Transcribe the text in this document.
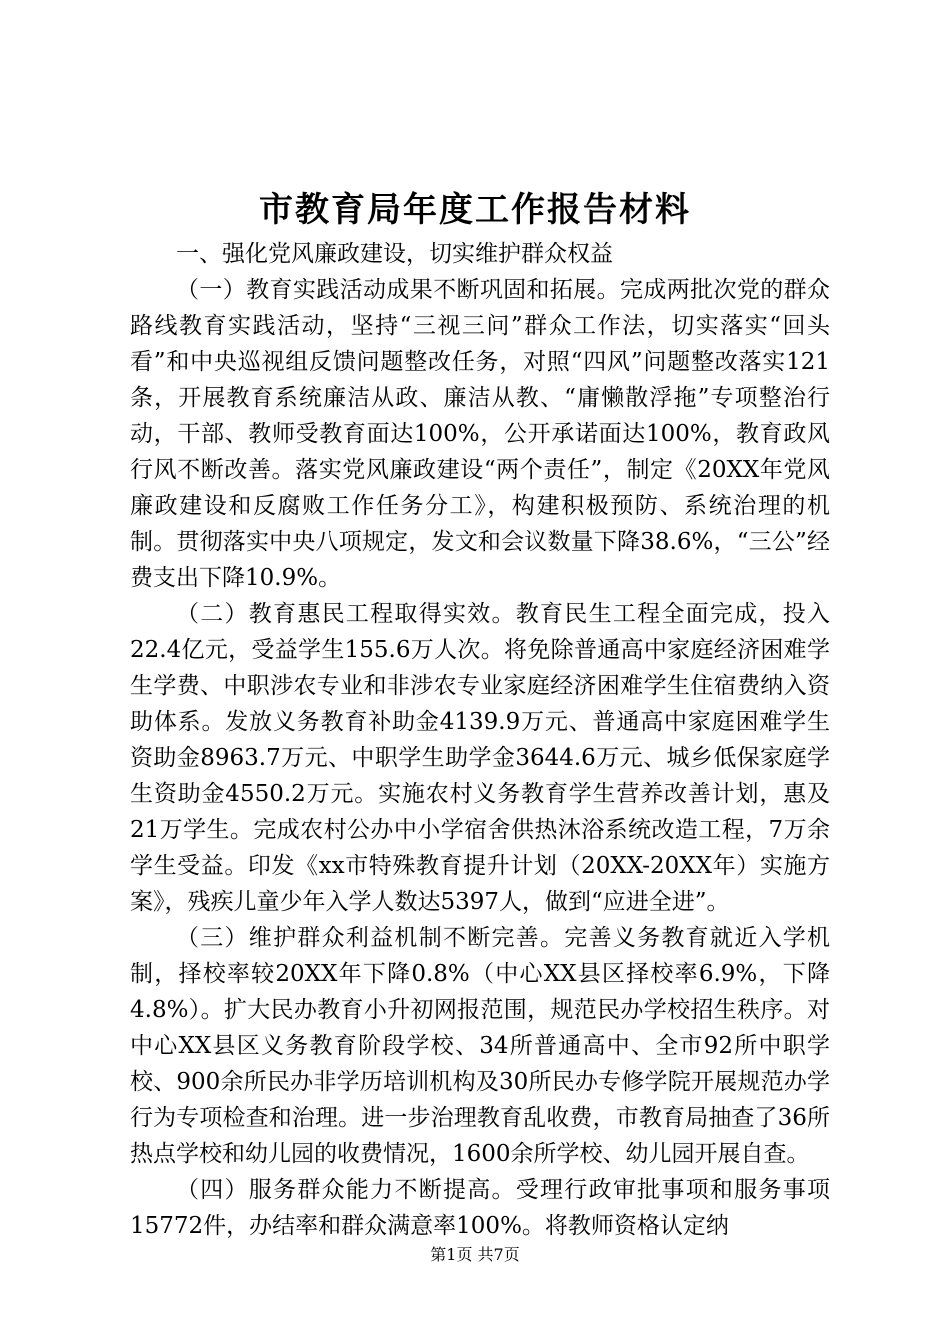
市教育局年度工作报告材料

一、强化党风廉政建设，切实维护群众权益

（一）教育实践活动成果不断巩固和拓展。完成两批次党的群众路线教育实践活动，坚持“三视三问”群众工作法，切实落实“回头看”和中央巡视组反馈问题整改任务，对照“四风”问题整改落实121条，开展教育系统廉洁从政、廉洁从教、“庸懒散浮拖”专项整治行动，干部、教师受教育面达100%，公开承诺面达100%，教育政风行风不断改善。落实党风廉政建设“两个责任”，制定《20XX年党风廉政建设和反腐败工作任务分工》，构建积极预防、系统治理的机制。贯彻落实中央八项规定，发文和会议数量下降38.6%，“三公”经费支出下降10.9%。

（二）教育惠民工程取得实效。教育民生工程全面完成，投入22.4亿元，受益学生155.6万人次。将免除普通高中家庭经济困难学生学费、中职涉农专业和非涉农专业家庭经济困难学生住宿费纳入资助体系。发放义务教育补助金4139.9万元、普通高中家庭困难学生资助金8963.7万元、中职学生助学金3644.6万元、城乡低保家庭学生资助金4550.2万元。实施农村义务教育学生营养改善计划，惠及21万学生。完成农村公办中小学宿舍供热沐浴系统改造工程，7万余学生受益。印发《xx市特殊教育提升计划（20XX-20XX年）实施方案》，残疾儿童少年入学人数达5397人，做到“应进全进”。

（三）维护群众利益机制不断完善。完善义务教育就近入学机制，择校率较20XX年下降0.8%（中心XX县区择校率6.9%，下降4.8%）。扩大民办教育小升初网报范围，规范民办学校招生秩序。对中心XX县区义务教育阶段学校、34所普通高中、全市92所中职学校、900余所民办非学历培训机构及30所民办专修学院开展规范办学行为专项检查和治理。进一步治理教育乱收费，市教育局抽查了36所热点学校和幼儿园的收费情况，1600余所学校、幼儿园开展自查。

（四）服务群众能力不断提高。受理行政审批事项和服务事项15772件，办结率和群众满意率100%。将教师资格认定纳

第1页 共7页
